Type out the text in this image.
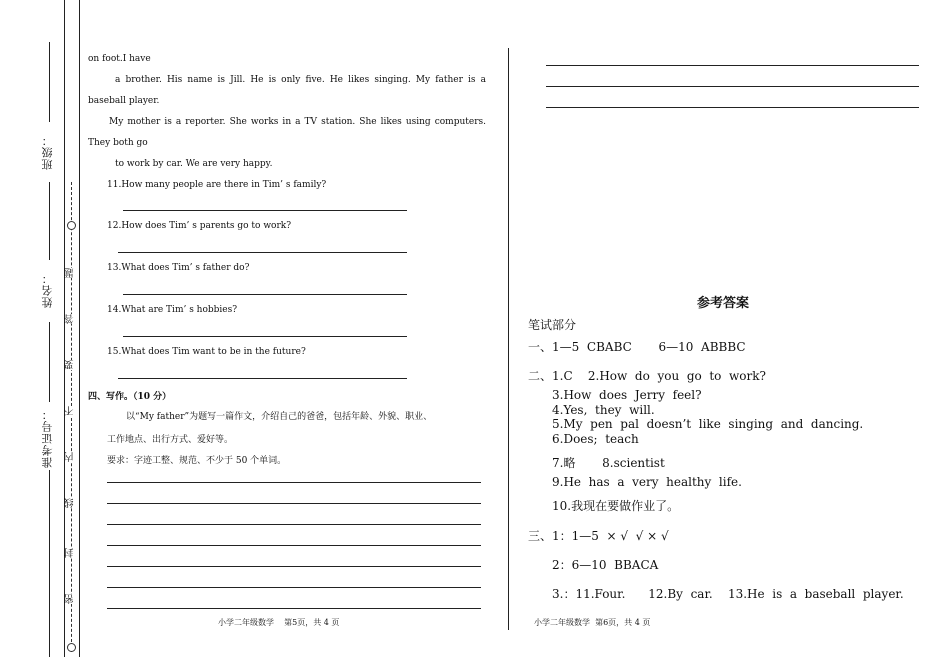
班级：
姓名：
准考证号：
题
答
要
不
内
线
封
密
on foot.I have
a brother. His name is Jill. He is only five. He likes singing. My father is a
baseball player.
My mother is a reporter. She works in a TV station. She likes using computers.
They both go
to work by car. We are very happy.
11.How many people are there in Tim’ s family?
12.How does Tim’ s parents go to work?
13.What does Tim’ s father do?
14.What are Tim’ s hobbies?
15.What does Tim want to be in the future?
四、写作。（10 分）
以“My father”为题写一篇作文，介绍自己的爸爸，包括年龄、外貌、职业、
工作地点、出行方式、爱好等。
要求：字迹工整、规范、不少于 50 个单词。
小学二年级数学    第5页，共 4 页
参考答案
笔试部分
一、1—5  CBABC       6—10  ABBBC
二、1.C    2.How  do  you  go  to  work?
3.How  does  Jerry  feel?
4.Yes,  they  will.
5.My  pen  pal  doesn’t  like  singing  and  dancing.
6.Does;  teach
7.略       8.scientist
9.He  has  a  very  healthy  life.
10.我现在要做作业了。
三、1：1—5  × √  √ × √
2：6—10  BBACA
3.：11.Four.      12.By  car.    13.He  is  a  baseball  player.
小学二年级数学  第6页，共 4 页
